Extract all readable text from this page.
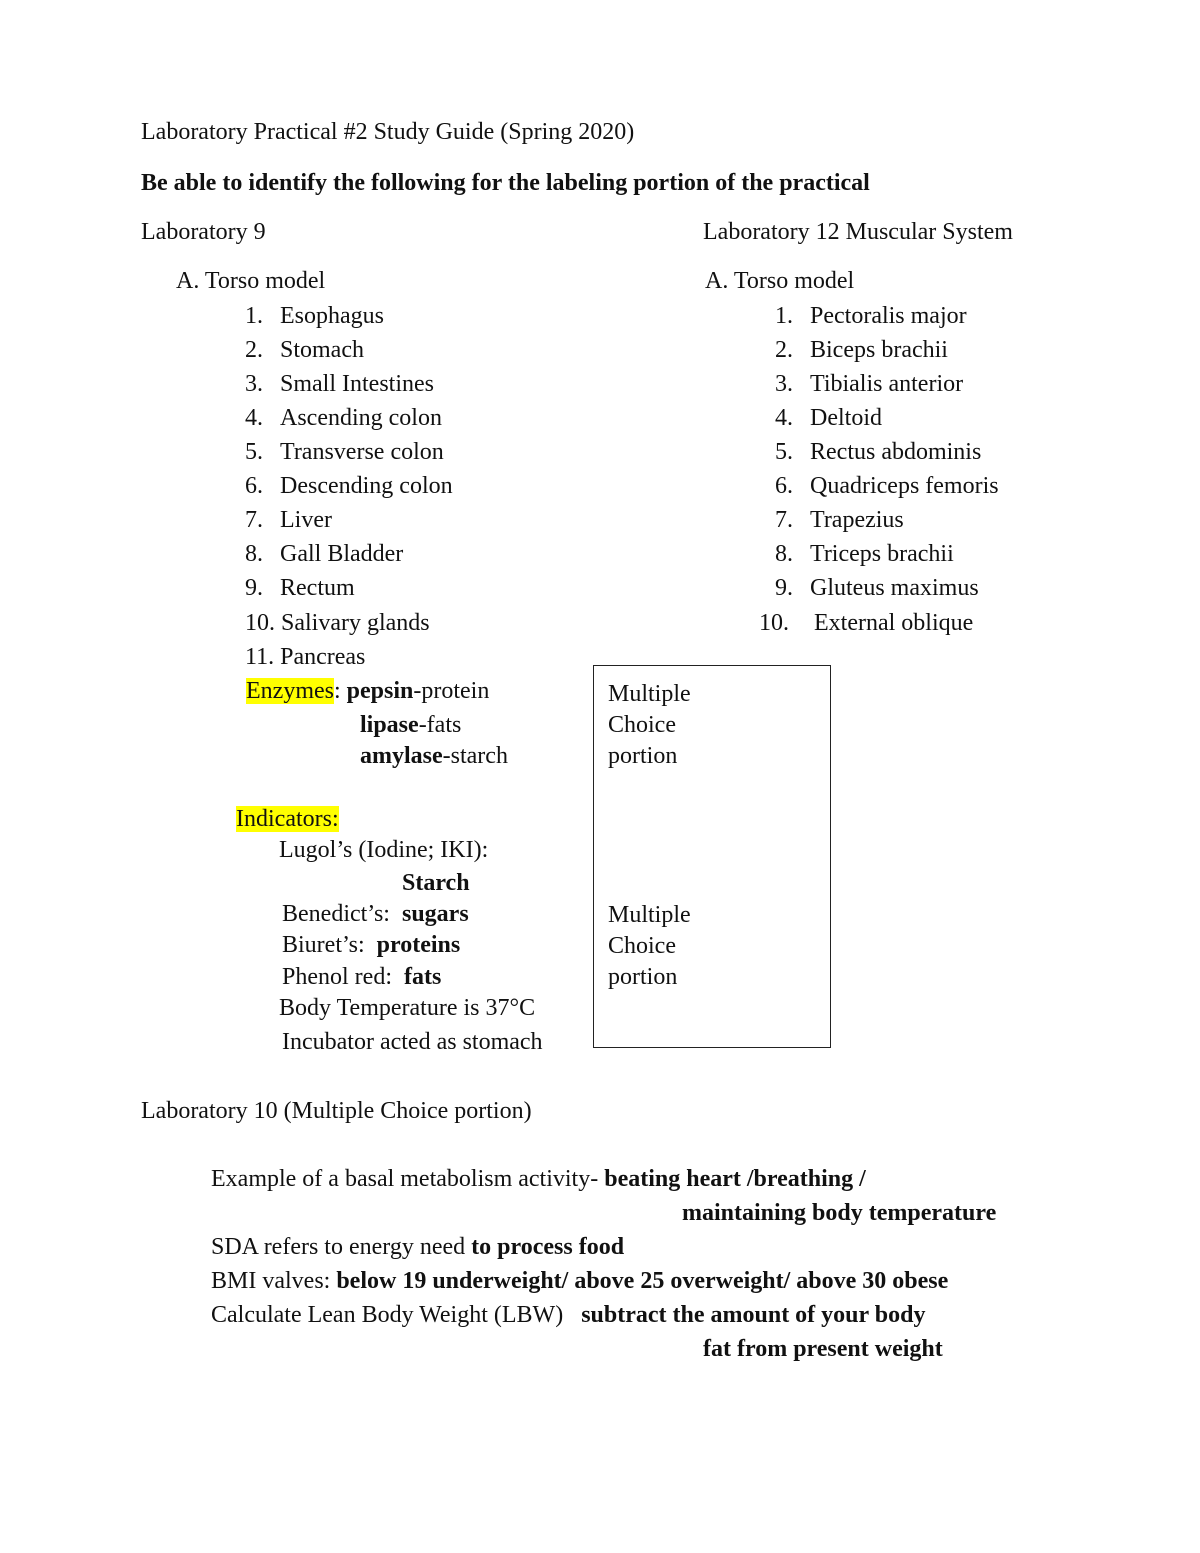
Laboratory Practical #2 Study Guide (Spring 2020)
Be able to identify the following for the labeling portion of the practical
Laboratory 9
A. Torso model
1. Esophagus
2. Stomach
3. Small Intestines
4. Ascending colon
5. Transverse colon
6. Descending colon
7. Liver
8. Gall Bladder
9. Rectum
10. Salivary glands
11. Pancreas
Enzymes: pepsin-protein
lipase-fats
amylase-starch
Indicators:
Lugol’s (Iodine; IKI):
Starch
Benedict’s: sugars
Biuret’s: proteins
Phenol red: fats
Body Temperature is 37°C
Incubator acted as stomach
Laboratory 12 Muscular System
A. Torso model
1. Pectoralis major
2. Biceps brachii
3. Tibialis anterior
4. Deltoid
5. Rectus abdominis
6. Quadriceps femoris
7. Trapezius
8. Triceps brachii
9. Gluteus maximus
10. External oblique
Multiple
Choice
portion
Multiple
Choice
portion
Laboratory 10 (Multiple Choice portion)
Example of a basal metabolism activity- beating heart /breathing /
maintaining body temperature
SDA refers to energy need to process food
BMI valves: below 19 underweight/ above 25 overweight/ above 30 obese
Calculate Lean Body Weight (LBW) subtract the amount of your body
fat from present weight
